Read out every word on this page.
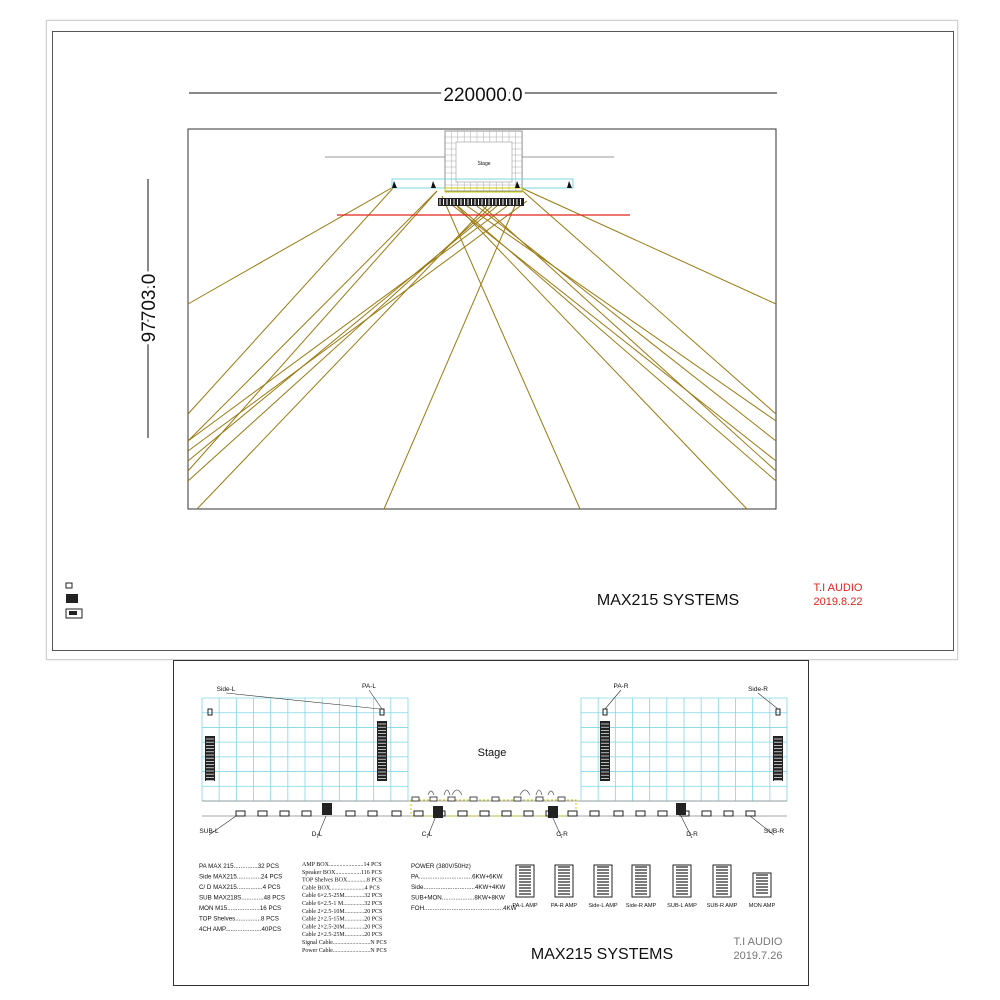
220000.0
97703.0
Stage
MAX215 SYSTEMS
T.I AUDIO
2019.8.22
Stage
Side-L	PA-L	PA-R	Side-R
SUB-L	D-L	C-L	C-R	D-R	SUB-R
PA MAX 215..............32 PCS
Side MAX215..............24 PCS
C/ D MAX215...............4 PCS
SUB MAX218S.............48 PCS
MON M15...................16 PCS
TOP Shelves...............8 PCS
4CH AMP.....................40PCS
AMP BOX.......................14 PCS
Speaker BOX.................116 PCS
TOP Shelves BOX.............8 PCS
Cable BOX.......................4 PCS
Cable 6×2.5-25M.............32 PCS
Cable 6×2.5-1 M..............32 PCS
Cable 2×2.5-10M.............20 PCS
Cable 2×2.5-15M.............20 PCS
Cable 2×2.5-20M.............20 PCS
Cable 2×2.5-25M.............20 PCS
Signal Cable.........................N PCS
Power Cable.........................N PCS
POWER (380V/50Hz)
PA...............................6KW+6KW
Side..............................4KW+4KW
SUB+MON...................8KW+8KW
FOH..............................................4KW
PA-L AMP PA-R AMP Side-L AMP Side-R AMP SUB-L AMP SUB-R AMP MON AMP
MAX215 SYSTEMS
T.I AUDIO
2019.7.26
